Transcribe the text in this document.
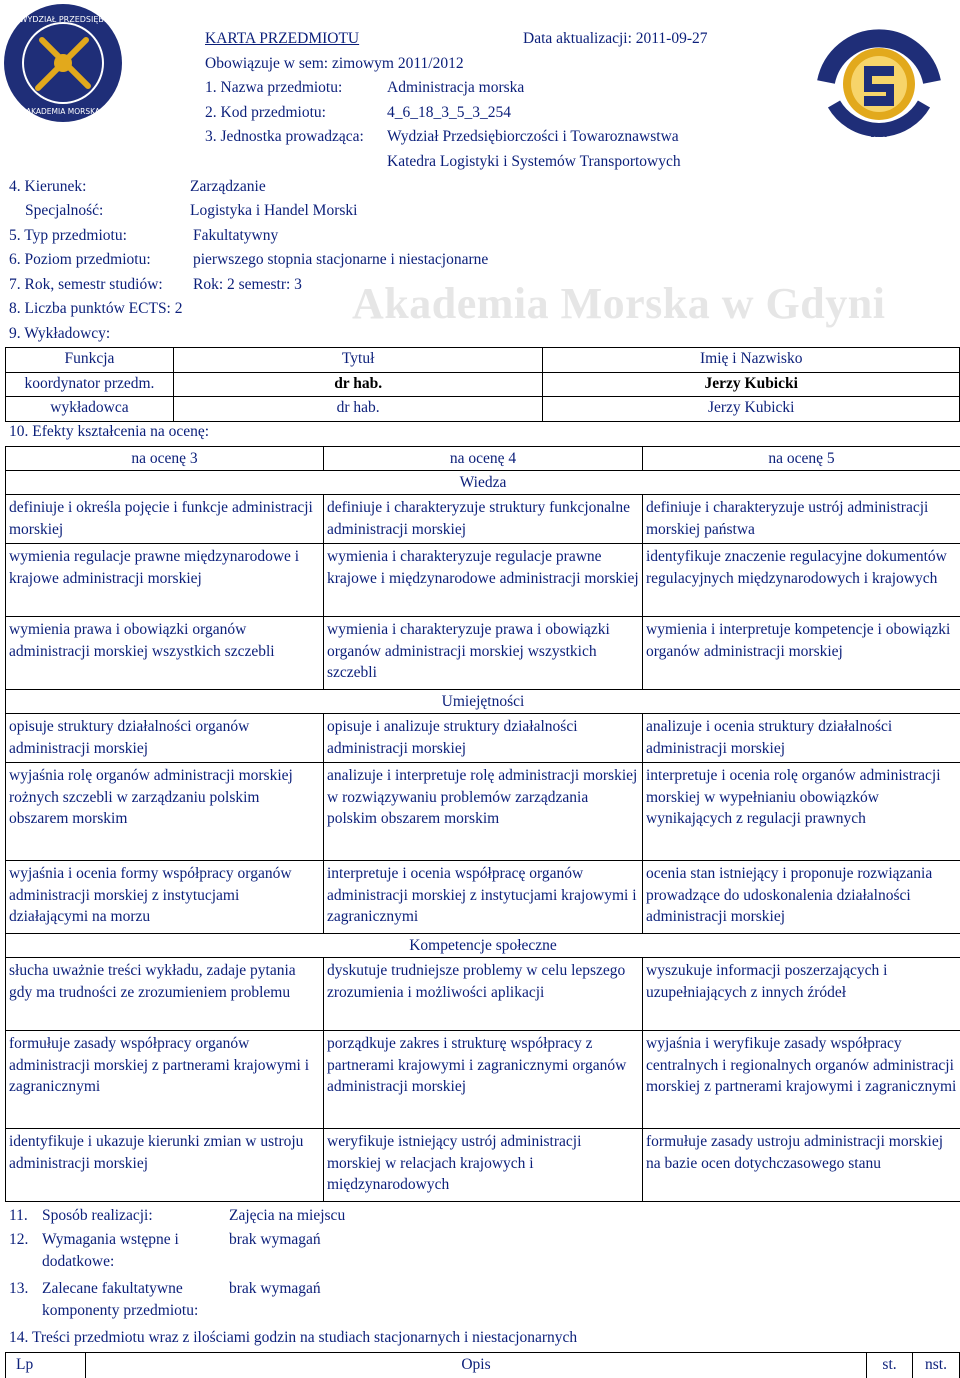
WYDZIAŁ PRZEDSIĘB.
AKADEMIA MORSKA
1920
KARTA PRZEDMIOTU	Data aktualizacji: 2011-09-27
Obowiązuje w sem: zimowym 2011/2012
1. Nazwa przedmiotu:	Administracja morska
2. Kod przedmiotu:	4_6_18_3_5_3_254
3. Jednostka prowadząca: Wydział Przedsiębiorczości i Towaroznawstwa
Katedra Logistyki i Systemów Transportowych
4. Kierunek:	Zarządzanie
Specjalność:	Logistyka i Handel Morski
5. Typ przedmiotu:	Fakultatywny
6. Poziom przedmiotu:	pierwszego stopnia stacjonarne i niestacjonarne
7. Rok, semestr studiów: Rok: 2 semestr: 3
8. Liczba punktów ECTS: 2	Akademia Morska w Gdyni
9. Wykładowcy:
Funkcja	Tytuł	Imię i Nazwisko
koordynator przedm.	dr hab.	Jerzy Kubicki
wykładowca	dr hab.	Jerzy Kubicki
10. Efekty kształcenia na ocenę:
na ocenę 3	na ocenę 4	na ocenę 5
Wiedza		
definiuje i określa pojęcie i funkcje administracji morskiej	definiuje i charakteryzuje struktury funkcjonalne administracji morskiej	definiuje i charakteryzuje ustrój administracji morskiej państwa
wymienia regulacje prawne międzynarodowe i krajowe administracji morskiej	wymienia i charakteryzuje regulacje prawne krajowe i międzynarodowe administracji morskiej	identyfikuje znaczenie regulacyjne dokumentów regulacyjnych międzynarodowych i krajowych
wymienia prawa i obowiązki organów administracji morskiej wszystkich szczebli	wymienia i charakteryzuje prawa i obowiązki organów administracji morskiej wszystkich szczebli	wymienia i interpretuje kompetencje i obowiązki organów administracji morskiej
Umiejętności		
opisuje struktury działalności organów administracji morskiej	opisuje i analizuje struktury działalności administracji morskiej	analizuje i ocenia struktury działalności administracji morskiej
wyjaśnia rolę organów administracji morskiej rożnych szczebli w zarządzaniu polskim obszarem morskim	analizuje i interpretuje rolę administracji morskiej w rozwiązywaniu problemów zarządzania polskim obszarem morskim	interpretuje i ocenia rolę organów administracji morskiej w wypełnianiu obowiązków wynikających z regulacji prawnych
wyjaśnia i ocenia formy współpracy organów administracji morskiej z instytucjami działającymi na morzu	interpretuje i ocenia współpracę organów administracji morskiej z instytucjami krajowymi i zagranicznymi	ocenia stan istniejący i proponuje rozwiązania prowadzące do udoskonalenia działalności administracji morskiej
Kompetencje społeczne		
słucha uważnie treści wykładu, zadaje pytania gdy ma trudności ze zrozumieniem problemu	dyskutuje trudniejsze problemy w celu lepszego zrozumienia i możliwości aplikacji	wyszukuje informacji poszerzających i uzupełniających z innych źródeł
formułuje zasady współpracy organów administracji morskiej z partnerami krajowymi i zagranicznymi	porządkuje zakres i strukturę współpracy z partnerami krajowymi i zagranicznymi organów administracji morskiej	wyjaśnia i weryfikuje zasady współpracy centralnych i regionalnych organów administracji morskiej z partnerami krajowymi i zagranicznymi
identyfikuje i ukazuje kierunki zmian w ustroju administracji morskiej	weryfikuje istniejący ustrój administracji morskiej w relacjach krajowych i międzynarodowych	formułuje zasady ustroju administracji morskiej na bazie ocen dotychczasowego stanu
11. Sposób realizacji:	Zajęcia na miejscu
12. Wymagania wstępne i
dodatkowe:
brak wymagań
13. Zalecane fakultatywne
komponenty przedmiotu:
brak wymagań
14. Treści przedmiotu wraz z ilościami godzin na studiach stacjonarnych i niestacjonarnych
Lp	Opis	st.	nst.
